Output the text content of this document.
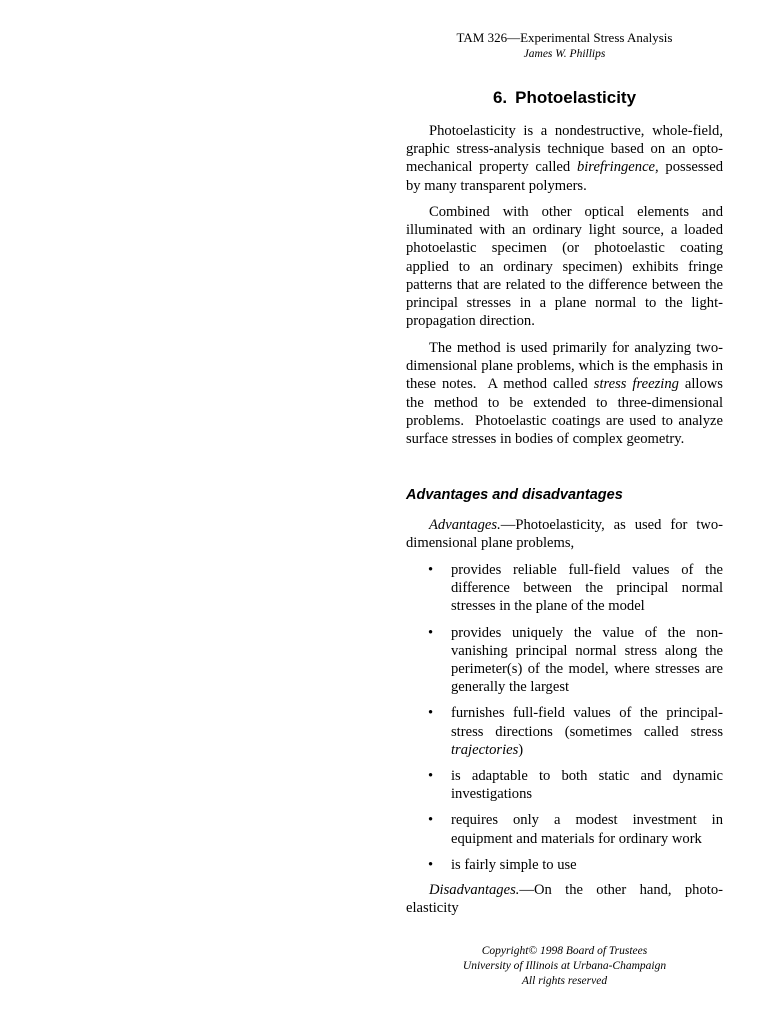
TAM 326—Experimental Stress Analysis
James W. Phillips
6. Photoelasticity

Photoelasticity is a nondestructive, whole-field, graphic stress-analysis technique based on an opto-mechanical property called birefringence, possessed by many transparent polymers.

Combined with other optical elements and illuminated with an ordinary light source, a loaded photoelastic specimen (or photoelastic coating applied to an ordinary specimen) exhibits fringe patterns that are related to the difference between the principal stresses in a plane normal to the light-propagation direction.

The method is used primarily for analyzing two-dimensional plane problems, which is the emphasis in these notes.  A method called stress freezing allows the method to be extended to three-dimensional problems.  Photoelastic coatings are used to analyze surface stresses in bodies of complex geometry.

Advantages and disadvantages

Advantages.—Photoelasticity, as used for two-dimensional plane problems,

• provides reliable full-field values of the difference between the principal normal stresses in the plane of the model
• provides uniquely the value of the non-vanishing principal normal stress along the perimeter(s) of the model, where stresses are generally the largest
• furnishes full-field values of the principal-stress directions (sometimes called stress trajectories)
• is adaptable to both static and dynamic investigations
• requires only a modest investment in equipment and materials for ordinary work
• is fairly simple to use

Disadvantages.—On the other hand, photo-elasticity

Copyright© 1998 Board of Trustees
University of Illinois at Urbana-Champaign
All rights reserved
